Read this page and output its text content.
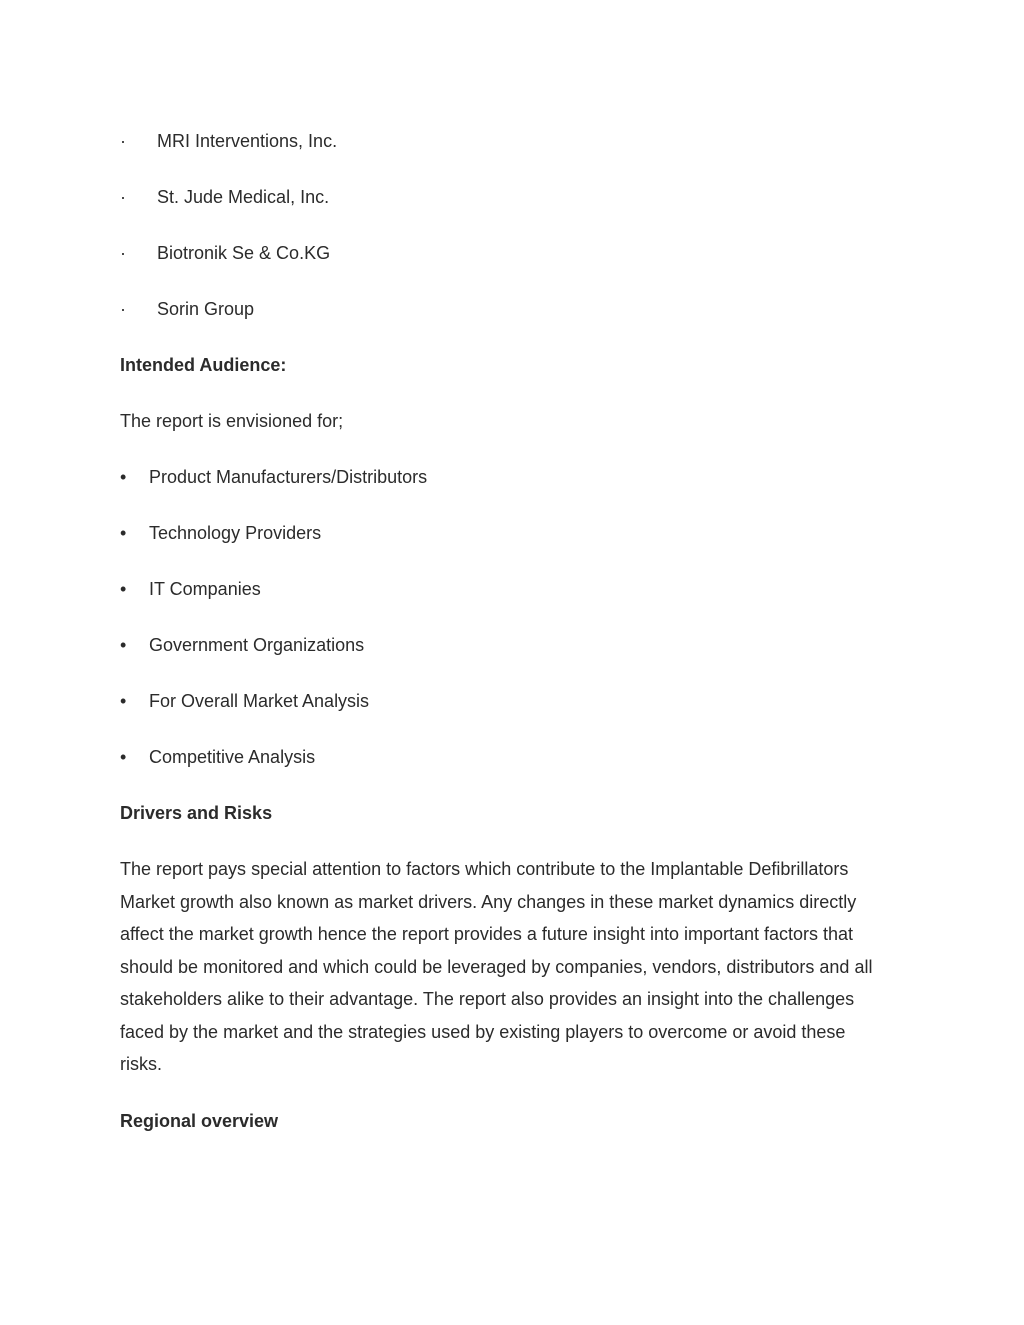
·	MRI Interventions, Inc.
·	St. Jude Medical, Inc.
·	Biotronik Se & Co.KG
·	Sorin Group
Intended Audience:
The report is envisioned for;
•	Product Manufacturers/Distributors
•	Technology Providers
•	IT Companies
•	Government Organizations
•	For Overall Market Analysis
•	Competitive Analysis
Drivers and Risks
The report pays special attention to factors which contribute to the Implantable Defibrillators
Market growth also known as market drivers. Any changes in these market dynamics directly
affect the market growth hence the report provides a future insight into important factors that
should be monitored and which could be leveraged by companies, vendors, distributors and all
stakeholders alike to their advantage. The report also provides an insight into the challenges
faced by the market and the strategies used by existing players to overcome or avoid these
risks.
Regional overview
